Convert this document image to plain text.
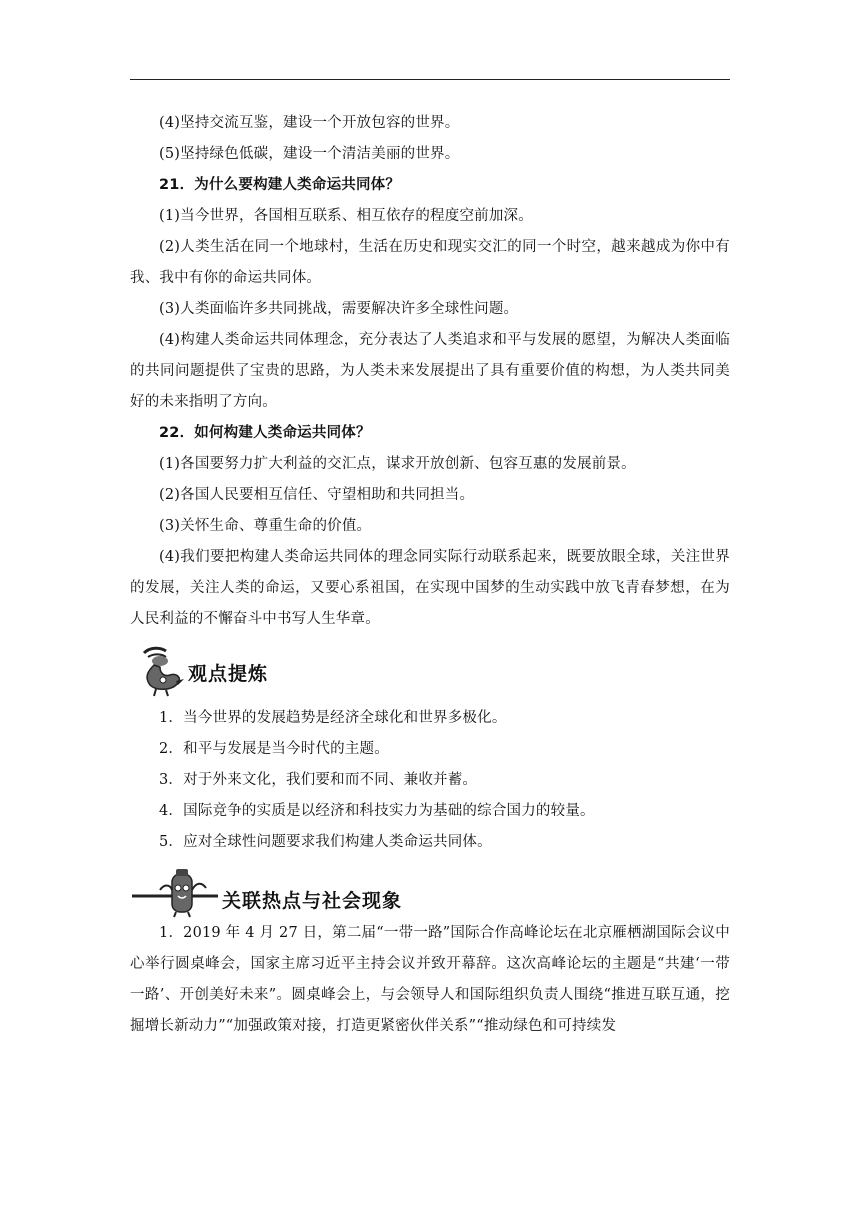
(4)坚持交流互鉴，建设一个开放包容的世界。

(5)坚持绿色低碳，建设一个清洁美丽的世界。

21．为什么要构建人类命运共同体？

(1)当今世界，各国相互联系、相互依存的程度空前加深。

(2)人类生活在同一个地球村，生活在历史和现实交汇的同一个时空，越来越成为你中有我、我中有你的命运共同体。

(3)人类面临许多共同挑战，需要解决许多全球性问题。

(4)构建人类命运共同体理念，充分表达了人类追求和平与发展的愿望，为解决人类面临的共同问题提供了宝贵的思路，为人类未来发展提出了具有重要价值的构想，为人类共同美好的未来指明了方向。

22．如何构建人类命运共同体？

(1)各国要努力扩大利益的交汇点，谋求开放创新、包容互惠的发展前景。

(2)各国人民要相互信任、守望相助和共同担当。

(3)关怀生命、尊重生命的价值。

(4)我们要把构建人类命运共同体的理念同实际行动联系起来，既要放眼全球，关注世界的发展，关注人类的命运，又要心系祖国，在实现中国梦的生动实践中放飞青春梦想，在为人民利益的不懈奋斗中书写人生华章。

观点提炼

1．当今世界的发展趋势是经济全球化和世界多极化。

2．和平与发展是当今时代的主题。

3．对于外来文化，我们要和而不同、兼收并蓄。

4．国际竞争的实质是以经济和科技实力为基础的综合国力的较量。

5．应对全球性问题要求我们构建人类命运共同体。

关联热点与社会现象

1．2019 年 4 月 27 日，第二届“一带一路”国际合作高峰论坛在北京雁栖湖国际会议中心举行圆桌峰会，国家主席习近平主持会议并致开幕辞。这次高峰论坛的主题是“共建‘一带一路’、开创美好未来”。圆桌峰会上，与会领导人和国际组织负责人围绕“推进互联互通，挖掘增长新动力”“加强政策对接，打造更紧密伙伴关系”“推动绿色和可持续发
